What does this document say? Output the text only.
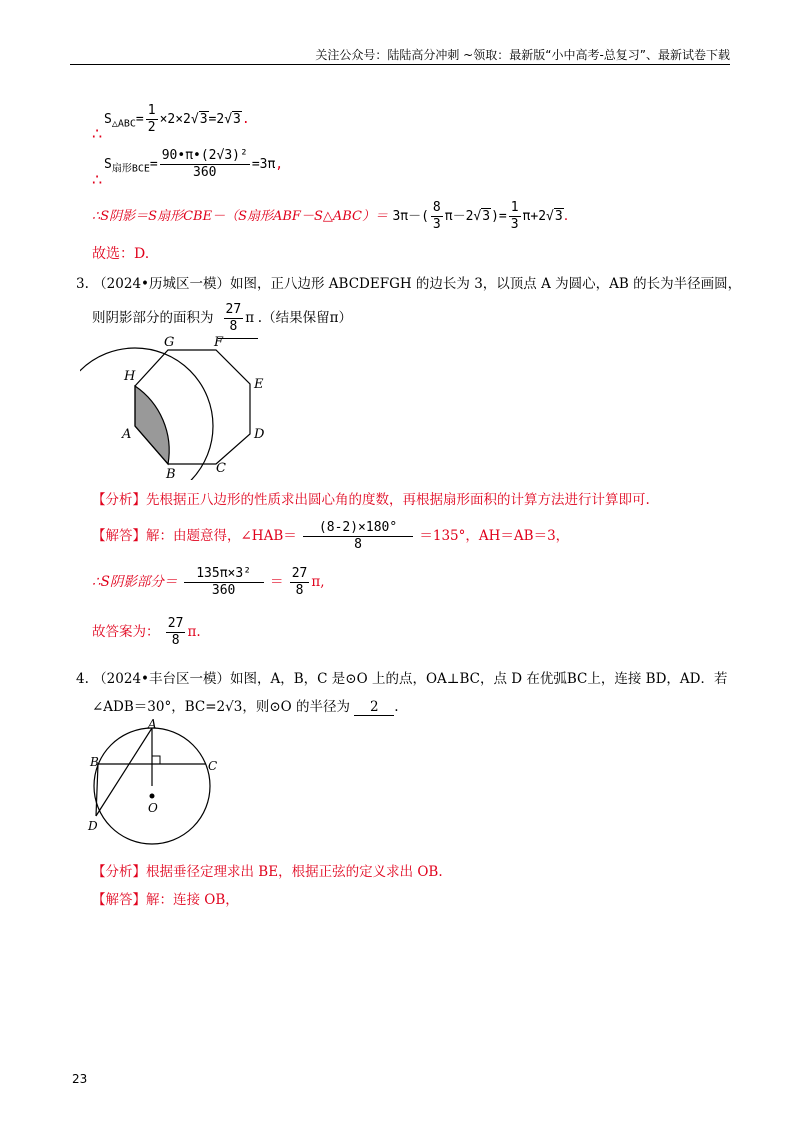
关注公众号：陆陆高分冲刺 ~领取：最新版“小中高考-总复习”、最新试卷下载
∴
$S_{\triangle ABC}= \frac{1}{2} \times 2\times 2√3=2√3$.
∴
$S_{扇形BCE}= \frac{\text{90•π•(2√3)²}}{360} =3\pi$,
∴S阴影＝S扇形CBE－（S扇形ABF－S△ABC）＝ $3\pi-( \frac{8}{3} \pi-2√3)= \frac{1}{3} \pi+2√3$.
故选：D.
3. （2024•历城区一模）如图，正八边形 ABCDEFGH 的边长为 3，以顶点 A 为圆心，AB 的长为半径画圆，
则阴影部分的面积为 $\frac{27}{8}$ π .（结果保留π）
G	F
H
E
A	D
B	C
【分析】先根据正八边形的性质求出圆心角的度数，再根据扇形面积的计算方法进行计算即可.
【解答】解：由题意得，∠HAB＝ $\frac{(8-2)\times 180^\circ}{8} =135^\circ$，AH＝AB＝3，
∴S阴影部分＝ $\frac{\text{135π×3²}}{360} = \frac{27}{8} \pi$,
故答案为： $\frac{27}{8} \pi$.
4. （2024•丰台区一模）如图，A，B，C 是⊙O 上的点，OA⊥BC，点 D 在优弧BC上，连接 BD，AD．若
∠ADB＝30°，BC=2√3，则⊙O 的半径为 2 .
A
B	C
O
D
【分析】根据垂径定理求出 BE，根据正弦的定义求出 OB.
【解答】解：连接 OB，
23
